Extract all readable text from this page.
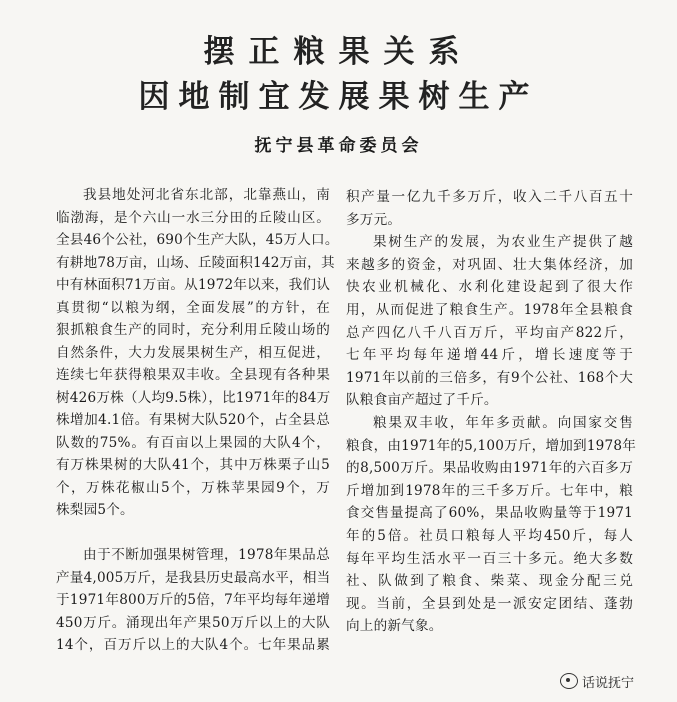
摆正粮果关系
因地制宜发展果树生产
抚宁县革命委员会
我县地处河北省东北部，北靠燕山，南
临渤海，是个六山一水三分田的丘陵山区。
全县46个公社，690个生产大队，45万人口。
有耕地78万亩，山场、丘陵面积142万亩，其
中有林面积71万亩。从1972年以来，我们认
真贯彻“以粮为纲，全面发展”的方针，在
狠抓粮食生产的同时，充分利用丘陵山场的
自然条件，大力发展果树生产，相互促进，
连续七年获得粮果双丰收。全县现有各种果
树426万株（人均9.5株），比1971年的84万
株增加4.1倍。有果树大队520个，占全县总
队数的75%。有百亩以上果园的大队4个，
有万株果树的大队41个，其中万株栗子山5
个，万株花椒山5个，万株苹果园9个，万
株梨园5个。
由于不断加强果树管理，1978年果品总
产量4,005万斤，是我县历史最高水平，相当
于1971年800万斤的5倍，7年平均每年递增
450万斤。涌现出年产果50万斤以上的大队
14个，百万斤以上的大队4个。七年果品累
积产量一亿九千多万斤，收入二千八百五十
多万元。
果树生产的发展，为农业生产提供了越
来越多的资金，对巩固、壮大集体经济，加
快农业机械化、水利化建设起到了很大作
用，从而促进了粮食生产。1978年全县粮食
总产四亿八千八百万斤，平均亩产822斤，
七年平均每年递增44斤，增长速度等于
1971年以前的三倍多，有9个公社、168个大
队粮食亩产超过了千斤。
粮果双丰收，年年多贡献。向国家交售
粮食，由1971年的5,100万斤，增加到1978年
的8,500万斤。果品收购由1971年的六百多万
斤增加到1978年的三千多万斤。七年中，粮
食交售量提高了60%，果品收购量等于1971
年的5倍。社员口粮每人平均450斤，每人
每年平均生活水平一百三十多元。绝大多数
社、队做到了粮食、柴菜、现金分配三兑
现。当前，全县到处是一派安定团结、蓬勃
向上的新气象。
话说抚宁
